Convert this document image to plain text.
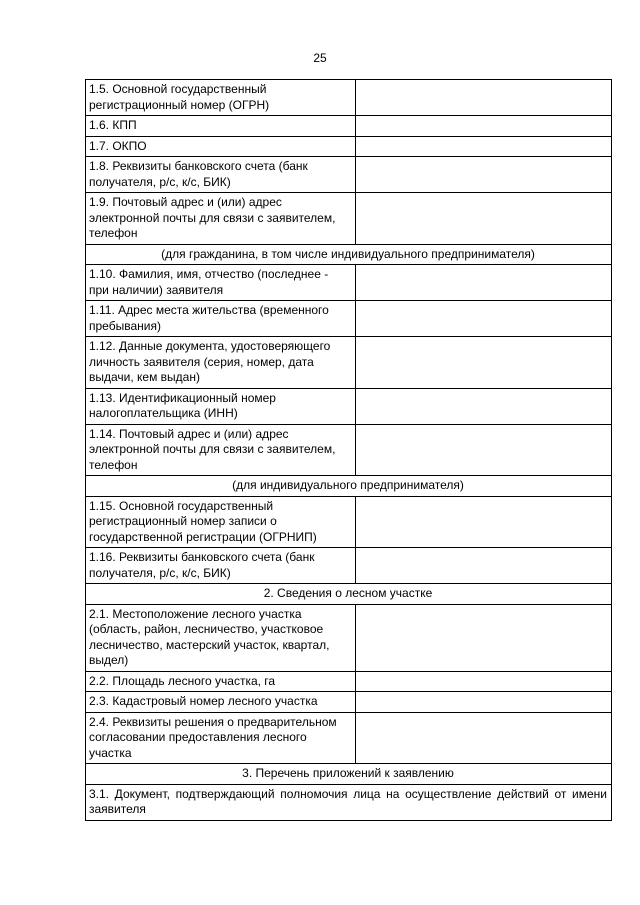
25
1.5. Основной государственный регистрационный номер (ОГРН)	
1.6. КПП	
1.7. ОКПО	
1.8. Реквизиты банковского счета (банк получателя, р/с, к/с, БИК)	
1.9. Почтовый адрес и (или) адрес электронной почты для связи с заявителем, телефон	
(для гражданина, в том числе индивидуального предпринимателя)	
1.10. Фамилия, имя, отчество (последнее - при наличии) заявителя	
1.11. Адрес места жительства (временного пребывания)	
1.12. Данные документа, удостоверяющего личность заявителя (серия, номер, дата выдачи, кем выдан)	
1.13. Идентификационный номер налогоплательщика (ИНН)	
1.14. Почтовый адрес и (или) адрес электронной почты для связи с заявителем, телефон	
(для индивидуального предпринимателя)	
1.15. Основной государственный регистрационный номер записи о государственной регистрации (ОГРНИП)	
1.16. Реквизиты банковского счета (банк получателя, р/с, к/с, БИК)	
2. Сведения о лесном участке	
2.1. Местоположение лесного участка (область, район, лесничество, участковое лесничество, мастерский участок, квартал, выдел)	
2.2. Площадь лесного участка, га	
2.3. Кадастровый номер лесного участка	
2.4. Реквизиты решения о предварительном согласовании предоставления лесного участка	
3. Перечень приложений к заявлению	
3.1. Документ, подтверждающий полномочия лица на осуществление действий от имени заявителя	
